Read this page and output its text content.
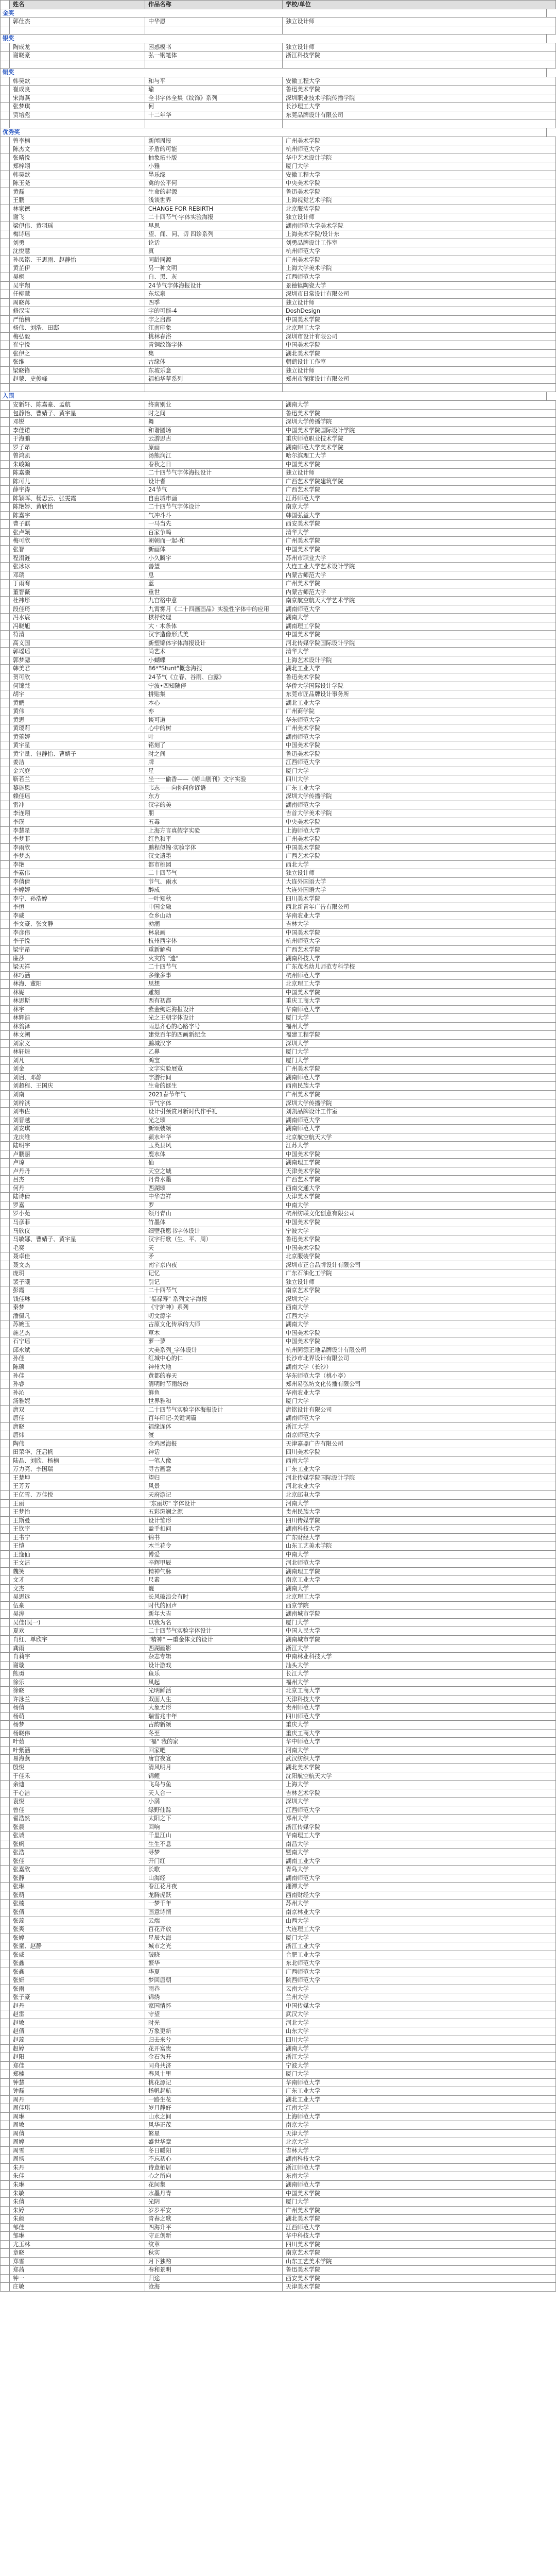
姓名	作品名称	学校/单位
金奖
郭仕杰	中华愿	独立设计师
银奖
陶成龙	困惑模书	独立设计师
谢晓豪	弘一钢笔体	浙江科技学院
铜奖
韩昊歆	和与平	安徽工程大学
崔成良	瑜	鲁迅美术学院
宋海燕	全书字体全集《纹饰》系列	深圳职业技术学院传播学院
张梦琪	何	长沙理工大学
贾培彪	十二年华	东莞品牌设计有限公司
优秀奖
曾李楠	新闻周报	广州美术学院
陈杰文	矛盾的可能	杭州师范大学
张晴悦	抽象拓扑版	华中艺术设计学院
郑梓翊	小雅	厦门大学
韩昊歆	墨乐缘	安徽工程大学
陈玉尧	禽的公平何	中央美术学院
黄磊	生命的起源	鲁迅美术学院
王鹏	浅谈世界	上海视觉艺术学院
林家德	CHANGE FOR REBIRTH	北京服装学院
谢飞	二十四节气·字体实验海报	独立设计师
梁伊伟、黄羽瑶	早思	湖南师范大学美术学院
梅诗瑶	望、闻、问、切 四诊系列	上海美术学院/设计东
刘勇	论话	刘勇品牌设计工作室
沈悦慧	真	杭州师范大学
孙凤铭、王思雨、赵静怡	同龄同源	广州美术学院
黄芷伊	另一种文明	上海大学美术学院
吴桐	白、黑、灰	江西师范大学
吴宇翔	24节气字体海报设计	景德镇陶瓷大学
任柳慧	东坛泉	深圳市日常设计有限公司
周晓苒	四季	独立设计师
修汉宝	字的可能-4	DoshDesign
严怡楠	字之启都	中国美术学院
杨伟、刘浩、田邸	江南印象	北京理工大学
梅弘毅	桃林春浴	深圳市设计有限公司
崔宁悦	青铜纹饰字体	中国美术学院
张伊之	集	湖北美术学院
张维	古缘体	朝鹤设计工作室
梁晓锋	东坡乐意	独立设计师
赵蒙、史俊峰	福柏华草系列	郑州市深度设计有限公司
入围
安新轩、陈嘉豪、孟航	终南别业	湖南大学
包静怡、曹婧子、黄宇星	时之间	鲁迅美术学院
邓锐	舞	深圳大学传播学院
李佳诺	和谐圆场	中国美术学院国际设计学院
于海鹏	云游思古	重庆师范职业技术学院
罗子昂	原画	湖南师范大学美术学院
曾鸿凯	汤熊润江	哈尔滨理工大学
朱峻翰	春秋之日	中国美术学院
陈嘉灏	二十四节气字体海报设计	独立设计师
陈可儿	设计者	广西艺术学院建筑学院
薛宇涛	24节气	广西艺术学院
陈颖晖、杨思云、张雯霞	自由城市画	江苏师范大学
陈艳婷、黄欣怡	二十四节气字体设计	南京大学
陈嘉宇	气冲斗斗	韩国弘益大学
曹子麒	一马当先	西安美术学院
张卢颖	百家争鸣	清华大学
梅可欣	朝朝而一起-和	广州美术学院
张智	新画体	中国美术学院
程涓涟	小久瞬宇	苏州市职业大学
张冰冰	善望	大连工业大学艺术设计学院
邓瑞	息	内蒙古师范大学
丁雨骞	蓝	广州美术学院
董智薇	重世	内蒙古师范大学
杜祎彤	九宫格中意	南京航空航天大学艺术学院
段佳琦	九霄雾月《二十四画画品》实验性字体中的应用	湖南师范大学
冯水宸	棋杼纹理	湖南大学
冯晓旭	大 · 木条体	湖南理工学院
符清	汉字造像形式美	中国美术学院
高义国	新塑锦体字体海报设计	河北传媒学院国际设计学院
郭瑶瑶	尚艺术	清华大学
郭梦骢	小蝴蝶	上海艺术设计学院
韩美君	86*"Stunt"概念海报	湖北工业大学
贺可欣	24节气《立春、谷雨、白露》	鲁迅美术学院
何锦梵	宁波•四知随停	华侨大学国际设计学院
胡宇	拼贴集	东莞市匠品牌设计事务所
黄鹂	本心	湖北工业大学
黄伟	亦	广州商学院
黄思	谈可道	华东师范大学
黄瑷莉	心中的树	广州美术学院
黄蕾婷	叶	湖南师范大学
黄宇星	铭刻了	中国美术学院
黄宇量、包静怡、曹婧子	时之间	鲁迅美术学院
姜洁	牌	江西师范大学
金兴庭	星	厦门大学
靳若兰	坐一一偷香——《崂山剧刊》文字实验	四川大学
黎施恩	韦志——向你问你谚语	广东工业大学
赖佳瑶	东方	深圳大学传播学院
雷冲	汉字的美	湖南师范大学
李连翔	朋	吉首大学美术学院
李璞	五毒	中央美术学院
李慧星	上海方言真假字实验	上海师范大学
李梦菲	红色和平	广州美术学院
李雨欣	鹏程似锦·实验字体	中国美术学院
李梦杰	汉文遗墨	广西艺术学院
李艳	都市桃园	西北大学
李嘉伟	二十四节气	独立设计师
李倩倩	节气、雨水	大连外国语大学
李婷婷	醉成	大连外国语大学
李宁、孙浩婷	一叶知秋	四川美术学院
李恒	中国金融	西北新青年广告有限公司
李威	仓乡山动	华南农业大学
李文豪、张文静	勃潮	吉林大学
李彦伟	林泉画	中国美术学院
李子悦	杭州西字体	杭州师范大学
梁宇昂	重新解构	广西艺术学院
廉莎	火灾的 "遗"	湖南科技大学
梁天祥	二十四节气	广东茂名幼儿师范专科学校
林巧涵	多缘多事	杭州师范大学
林海、董阳	思想	北京理工大学
林妮	雕刻	中国美术学院
林思斯	西有初都	重庆工商大学
林宇	紫金绚烂海报设计	华南师范大学
林辉浩	光之王朝字体设计	厦门大学
林翁泽	雨思齐心的心路字号	福州大学
林文潮	建党百年的四画新纪念	福建工程学院
刘家文	鹏城汉字	深圳大学
林轩煌	乙鼻	厦门大学
刘凡	鸿宝	厦门大学
刘金	文字实验展览	广州美术学院
刘启、邓静	字游行间	湖南师范大学
刘超程、王国庆	生命的诞生	西南民族大学
刘南	2021春节年气	广州美术学院
刘梓淇	节气字体	深圳大学传播学院
刘韦佐	设计引颈赏月新时代作手礼	刘凯品牌设计工作室
刘晋越	光之颂	湖南师范大学
刘安琪	新颂装颂	湖南师范大学
龙庆维	颍水年华	北京航空航天大学
陆明宇	玉英县风	江苏大学
卢鹏丽	鹿水体	中国美术学院
卢琼	仙	湖南理工学院
卢丹丹	天空之城	天津美术学院
吕杰	丹青水墨	广西艺术学院
何丹	西湖颂	西南交通大学
陆诗倩	中华吉祥	天津美术学院
罗嘉	罗	中南大学
罗小苑	领丹青山	杭州纺联文化创意有限公司
马彦菲	竹墨体	中国美术学院
马欣仪	细壁我愿书字体设计	宁波大学
马敏娜、曹婧子、黄宇星	汉字行歌（生、平、周）	鲁迅美术学院
毛奕	天	中国美术学院
聂卓佳	矛	北京服装学院
聂文杰	南宇京内夜	深圳市正合品牌设计有限公司
庞玥	记忆	广东石油化工学院
裴子曦	引记	独立设计师
彭霞	二十四节气	南京艺术学院
钱佳琳	"福禄寿" 系列文字海报	深圳大学
秦梦	《守护神》系列	西南大学
潘佩凡	叨文源字	江西大学
苏婉玉	古原文化传承的大师	湖南大学
施艺杰	草木	中国美术学院
石宁瑶	萝一萝	中国美术学院
邱永斌	大美系列_字体设计	杭州同源正地品牌设计有限公司
孙佳	红城中心的仁	长沙市北界设计有限公司
陈硕	神州大地	湖南大学（长沙）
孙佳	黄都的春天	华东师范大学（桃小亭）
孙睿	清明时节雨纷纷	郑州易弘坊文化传播有限公司
孙沁	鲜鱼	华南农业大学
汤雅妮	世界雅和	厦门大学
唐双	二十四节气实验字体海报设计	唐铭设计有限公司
唐佳	百年印记-关键词篇	湖南师范大学
唐晓	福缘连体	浙江大学
唐炜	渡	南京师范大学
陶伟	金鸡展海报	天津嘉鼎广告有限公司
田荣华、汪启帆	神话	四川美术学院
陆晶、刘欣、杨楠	一笔人像	西南大学
万力亮、李国瑞	寻古画意	广东工业大学
王楚坤	望归	河北传媒学院国际设计学院
王芳芳	风景	河北农业大学
王亿雪、万佳悦	天府游记	北京邮电大学
王丽	"东丽坊" 字体设计	河南大学
王梦怡	五彩斑斓之源	贵州民族大学
王斯曼	设计雏形	四川传媒学院
王钦宇	盈手扣问	湖南科技大学
王书宁	锦书	广东财经大学
王恺	木兰花令	山东工艺美术学院
王逸仙	博爱	中南大学
王文洁	辛辉甲辰	河北师范大学
魏笑	精神气脉	湖南理工学院
文才	尺素	南京工业大学
文杰	巍	湖南大学
吴思远	长风破浪会有时	北京理工大学
伍豪	时代的回声	西京学院
吴涛	新年大吉	湖南城市学院
吴佳(吴一)	以我为名	厦门大学
夏欢	二十四节气实验字体设计	中国人民大学
肖红、单欣宇	"精神" —重金体文的设计	湖南城市学院
龚雨	西湖画影	浙江大学
肖莉宇	杂志专辑	中南林业科技大学
谢璇	设计游戏	汕头大学
熊勇	鱼乐	长江大学
徐乐	风起	福州大学
徐晓	光明鲜活	北京工商大学
许泳兰	双面人生	天津科技大学
杨倩	大象无形	贵州师范大学
杨萌	瑞雪兆丰年	四川师范大学
杨梦	古韵新颂	重庆大学
杨晓伟	冬至	重庆工商大学
叶茹	"福" 我的家	华中师范大学
叶紫涵	回家吧	河南大学
易海燕	唐宫夜宴	武汉纺织大学
殷悦	清风明月	湖北美术学院
于佳禾	锦鲤	沈阳航空航天大学
余迪	飞鸟与鱼	上海大学
于心洁	天人合一	吉林艺术学院
袁悦	小满	深圳大学
曾佳	绿野仙踪	江西师范大学
翟浩然	太阳之下	郑州大学
张晨	回响	浙江传媒学院
张诚	千里江山	华南理工大学
张帆	生生不息	南昌大学
张浩	寻梦	暨南大学
张佳	开门红	湖南工业大学
张嘉欣	长歌	青岛大学
张静	山海经	湖南师范大学
张琳	春江花月夜	湘潭大学
张萌	龙腾虎跃	西南财经大学
张楠	一梦千年	苏州大学
张倩	画意诗情	南京林业大学
张蕊	云端	山西大学
张爽	百花齐放	大连理工大学
张婷	星辰大海	厦门大学
张童、赵静	城市之光	浙江工业大学
张威	破晓	合肥工业大学
张鑫	繁华	东北师范大学
张鑫	华夏	广西师范大学
张妍	梦回唐朝	陕西师范大学
张雨	雨巷	云南大学
张子豪	锦绣	兰州大学
赵丹	家国情怀	中国传媒大学
赵雷	守望	武汉大学
赵敏	时光	河北大学
赵倩	万象更新	山东大学
赵蕊	归去来兮	四川大学
赵婷	花开富贵	湖南大学
赵阳	金石为开	浙江大学
郑佳	同舟共济	宁波大学
郑楠	春风十里	厦门大学
钟慧	桃花源记	华南师范大学
钟磊	扬帆起航	广东工业大学
周丹	一路生花	湖北工业大学
周佳琪	岁月静好	江南大学
周琳	山水之间	上海师范大学
周敏	风华正茂	南京大学
周倩	繁星	天津大学
周婷	盛世华章	北京大学
周雪	冬日暖阳	吉林大学
周扬	不忘初心	湖南科技大学
朱丹	诗意栖居	浙江师范大学
朱佳	心之所向	东南大学
朱琳	花间集	湖南师范大学
朱敏	水墨丹青	中国美术学院
朱倩	光阴	厦门大学
朱婷	岁岁平安	广州美术学院
朱颜	青春之歌	湖北美术学院
邹佳	四海升平	江西师范大学
邹琳	守正创新	华中科技大学
尤玉林	纹章	四川美术学院
章晓	秋实	南京艺术学院
郑雪	月下独酌	山东工艺美术学院
郑茜	春和景明	鲁迅美术学院
钟一	归途	西安美术学院
庄敏	沧海	天津美术学院
